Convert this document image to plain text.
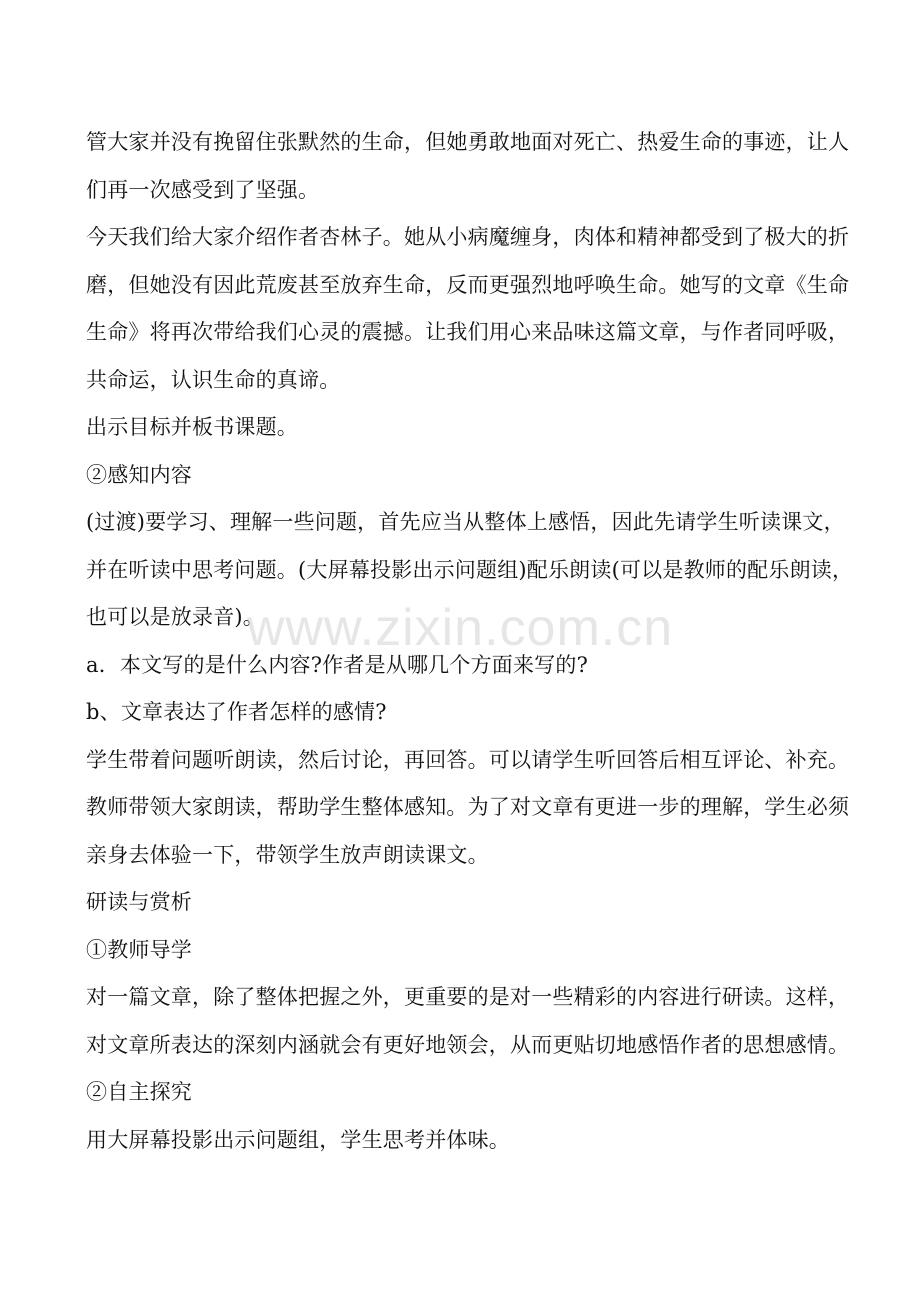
管大家并没有挽留住张默然的生命，但她勇敢地面对死亡、热爱生命的事迹，让人
们再一次感受到了坚强。
今天我们给大家介绍作者杏林子。她从小病魔缠身，肉体和精神都受到了极大的折
磨，但她没有因此荒废甚至放弃生命，反而更强烈地呼唤生命。她写的文章《生命
生命》将再次带给我们心灵的震撼。让我们用心来品味这篇文章，与作者同呼吸，
共命运，认识生命的真谛。
出示目标并板书课题。
②感知内容
(过渡)要学习、理解一些问题，首先应当从整体上感悟，因此先请学生听读课文，
并在听读中思考问题。(大屏幕投影出示问题组)配乐朗读(可以是教师的配乐朗读，
也可以是放录音)。
a．本文写的是什么内容?作者是从哪几个方面来写的?
b、文章表达了作者怎样的感情?
学生带着问题听朗读，然后讨论，再回答。可以请学生听回答后相互评论、补充。
教师带领大家朗读，帮助学生整体感知。为了对文章有更进一步的理解，学生必须
亲身去体验一下，带领学生放声朗读课文。
研读与赏析
①教师导学
对一篇文章，除了整体把握之外，更重要的是对一些精彩的内容进行研读。这样，
对文章所表达的深刻内涵就会有更好地领会，从而更贴切地感悟作者的思想感情。
②自主探究
用大屏幕投影出示问题组，学生思考并体味。
www.zixin.com.cn
